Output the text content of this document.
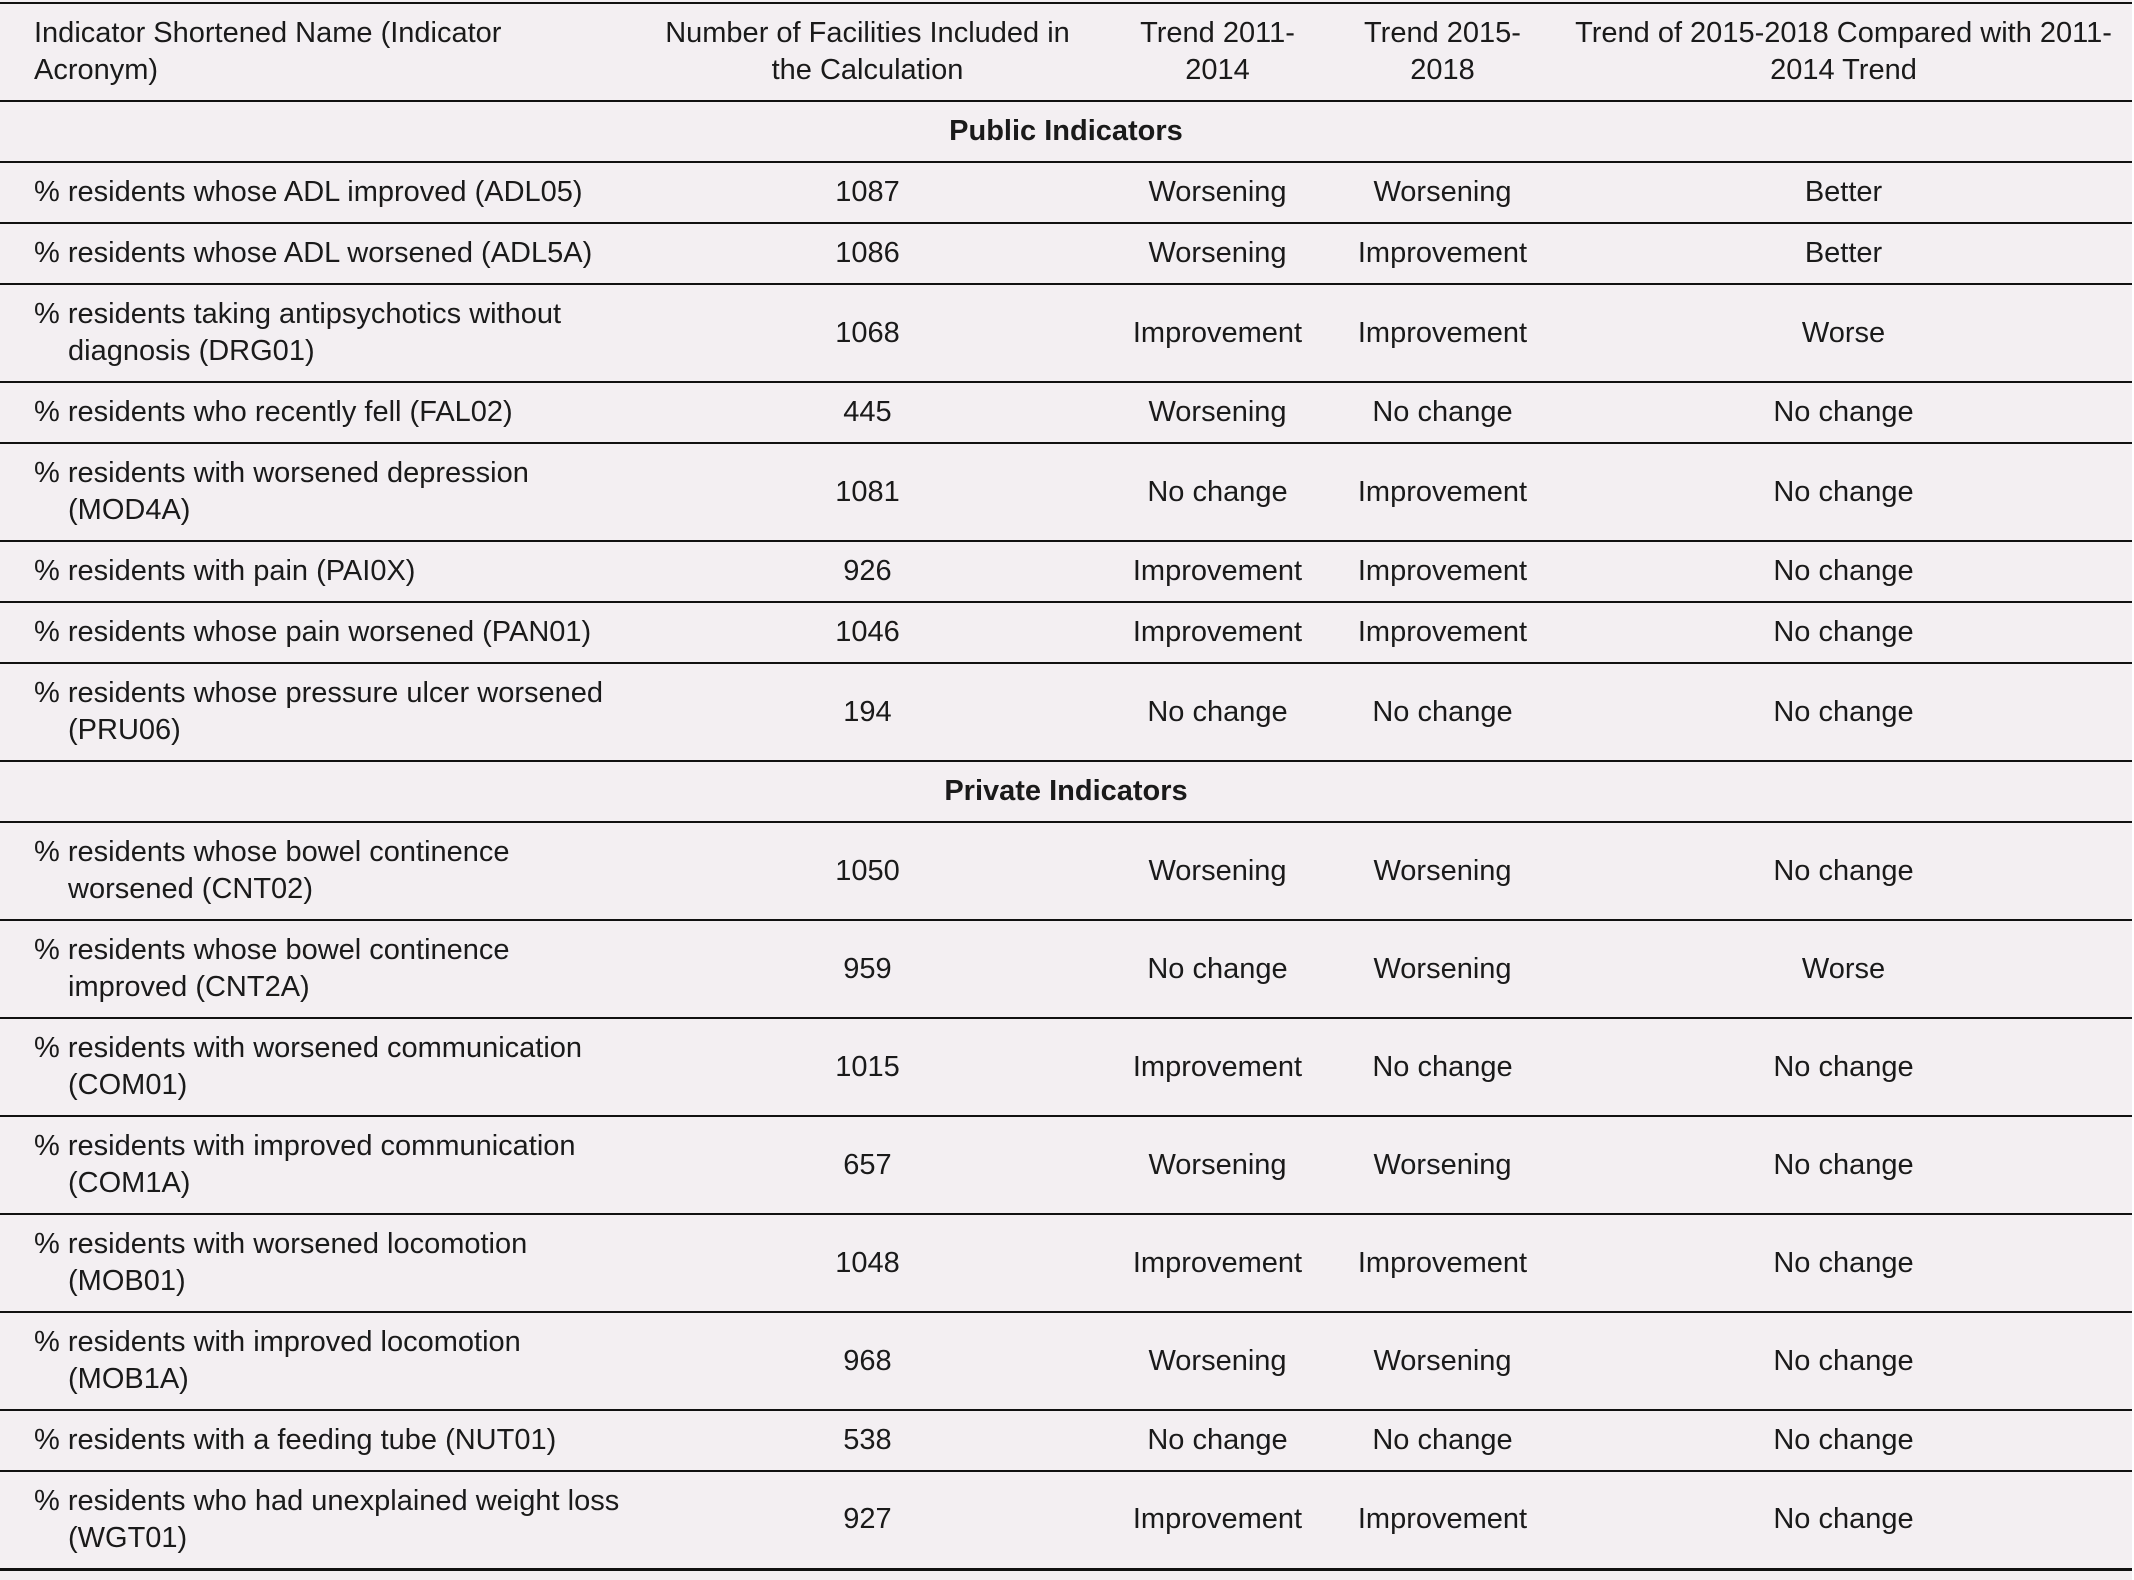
Indicator Shortened Name (Indicator Acronym)	Number of Facilities Included in the Calculation	Trend 2011-2014	Trend 2015-2018	Trend of 2015-2018 Compared with 2011-2014 Trend
Public Indicators				

% residents whose ADL improved (ADL05)	1087	Worsening	Worsening	Better

% residents whose ADL worsened (ADL5A)	1086	Worsening	Improvement	Better

% residents taking antipsychotics without diagnosis (DRG01)	1068	Improvement	Improvement	Worse

% residents who recently fell (FAL02)	445	Worsening	No change	No change

% residents with worsened depression (MOD4A)	1081	No change	Improvement	No change

% residents with pain (PAI0X)	926	Improvement	Improvement	No change

% residents whose pain worsened (PAN01)	1046	Improvement	Improvement	No change

% residents whose pressure ulcer worsened (PRU06)	194	No change	No change	No change
Private Indicators				

% residents whose bowel continence worsened (CNT02)	1050	Worsening	Worsening	No change

% residents whose bowel continence improved (CNT2A)	959	No change	Worsening	Worse

% residents with worsened communication (COM01)	1015	Improvement	No change	No change

% residents with improved communication (COM1A)	657	Worsening	Worsening	No change

% residents with worsened locomotion (MOB01)	1048	Improvement	Improvement	No change

% residents with improved locomotion (MOB1A)	968	Worsening	Worsening	No change

% residents with a feeding tube (NUT01)	538	No change	No change	No change

% residents who had unexplained weight loss (WGT01)	927	Improvement	Improvement	No change
